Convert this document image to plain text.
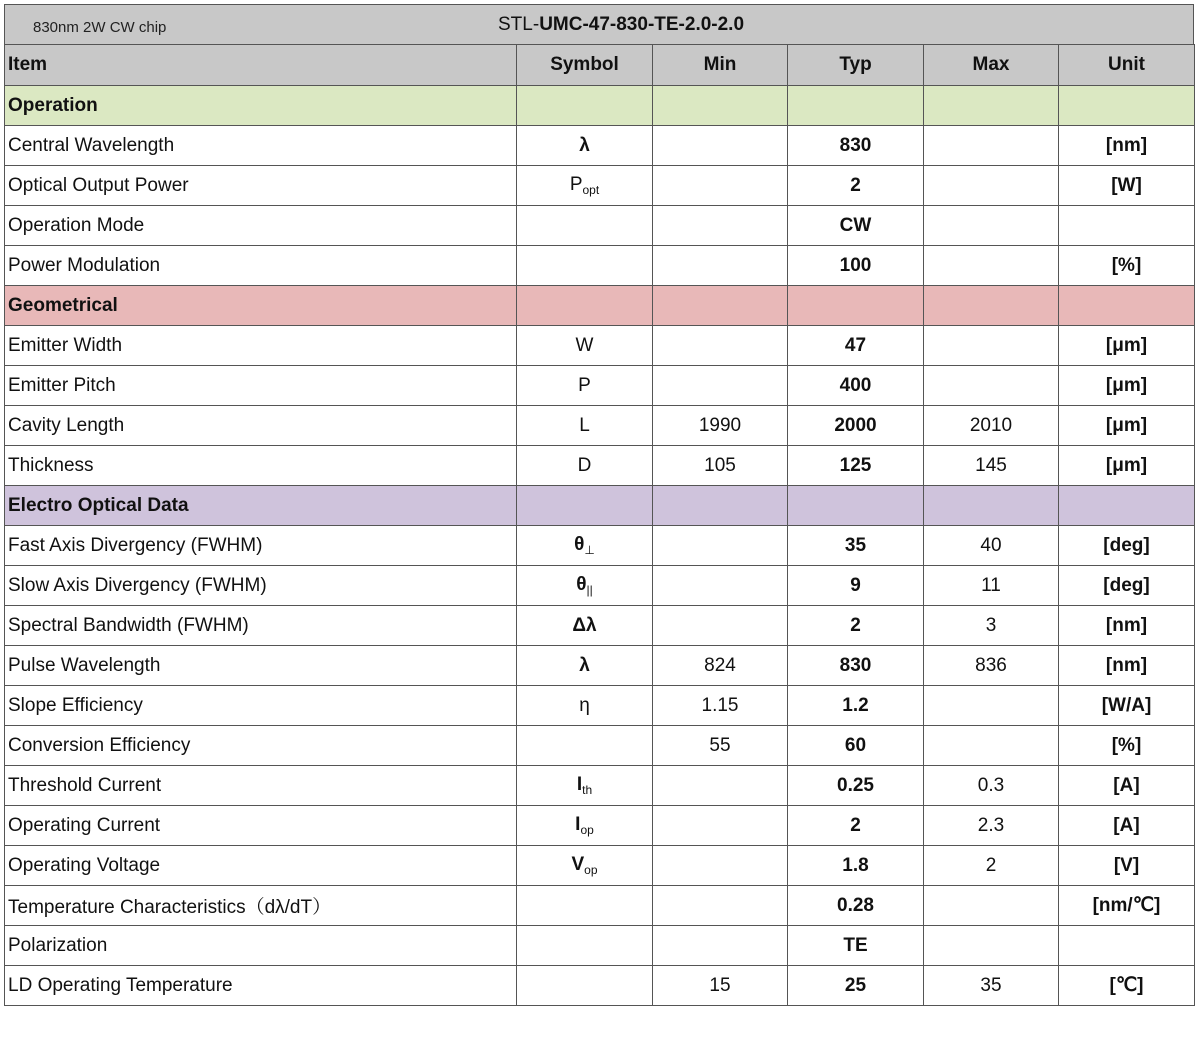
830nm 2W CW chip	STL-UMC-47-830-TE-2.0-2.0
Item	Symbol	Min	Typ	Max	Unit
Operation					
Central Wavelength	λ		830		[nm]
Optical Output Power	$P_{opt}$		2		[W]
Operation Mode			CW		
Power Modulation			100		[%]
Geometrical					
Emitter Width	W		47		[μm]
Emitter Pitch	P		400		[μm]
Cavity Length	L	1990	2000	2010	[μm]
Thickness	D	105	125	145	[μm]
Electro Optical Data					
Fast Axis Divergency (FWHM)	$\theta_\perp$		35	40	[deg]
Slow Axis Divergency (FWHM)	$\theta_{||}$		9	11	[deg]
Spectral Bandwidth (FWHM)	Δλ		2	3	[nm]
Pulse Wavelength	λ	824	830	836	[nm]
Slope Efficiency	η	1.15	1.2		[W/A]
Conversion Efficiency		55	60		[%]
Threshold Current	$I_{th}$		0.25	0.3	[A]
Operating Current	$I_{op}$		2	2.3	[A]
Operating Voltage	$V_{op}$		1.8	2	[V]
Temperature Characteristics（dλ/dT）			0.28		[nm/℃]
Polarization			TE		
LD Operating Temperature		15	25	35	[℃]
